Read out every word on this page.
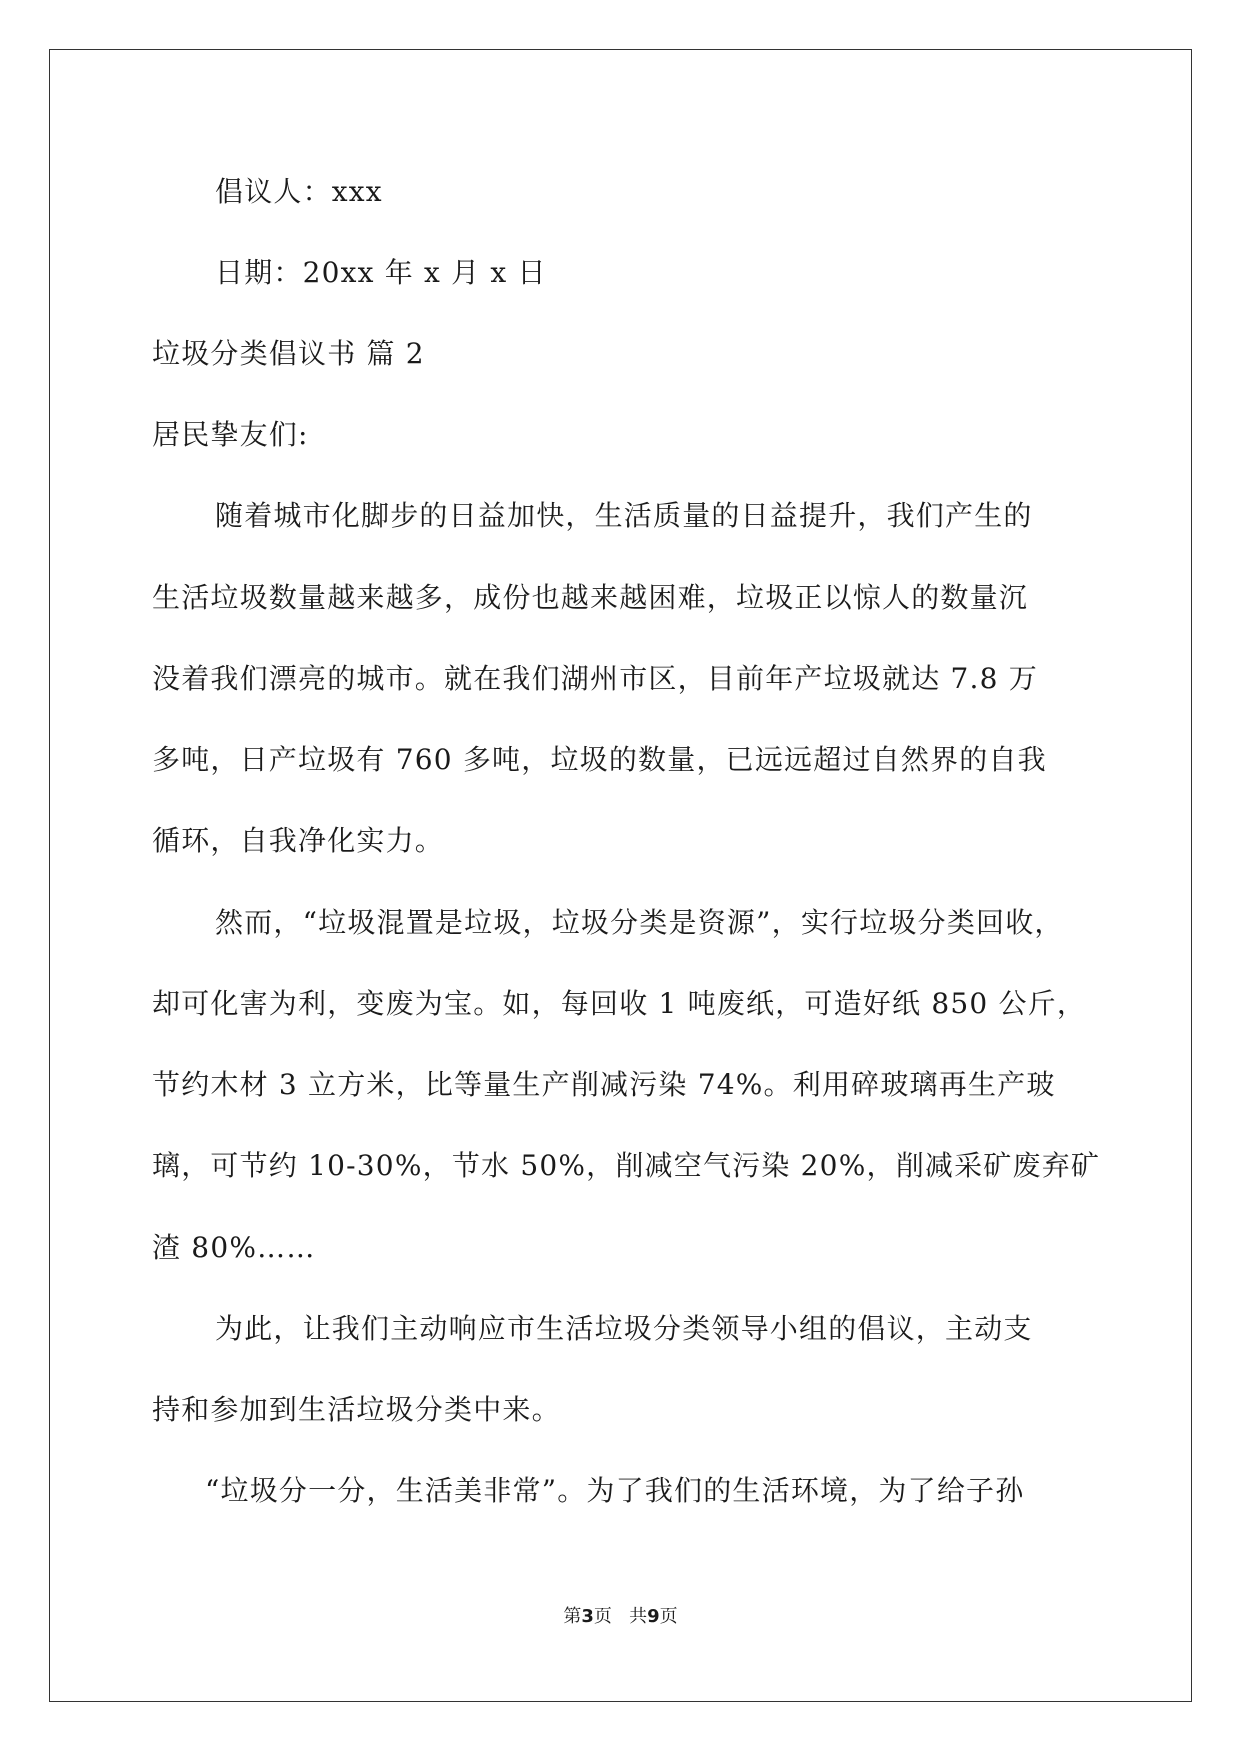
倡议人：xxx
日期：20xx 年 x 月 x 日
垃圾分类倡议书 篇 2
居民挚友们:
随着城市化脚步的日益加快，生活质量的日益提升，我们产生的
生活垃圾数量越来越多，成份也越来越困难，垃圾正以惊人的数量沉
没着我们漂亮的城市。就在我们湖州市区，目前年产垃圾就达 7.8 万
多吨，日产垃圾有 760 多吨，垃圾的数量，已远远超过自然界的自我
循环，自我净化实力。
然而，“垃圾混置是垃圾，垃圾分类是资源”，实行垃圾分类回收，
却可化害为利，变废为宝。如，每回收 1 吨废纸，可造好纸 850 公斤，
节约木材 3 立方米，比等量生产削减污染 74%。利用碎玻璃再生产玻
璃，可节约 10-30%，节水 50%，削减空气污染 20%，削减采矿废弃矿
渣 80%……
为此，让我们主动响应市生活垃圾分类领导小组的倡议，主动支
持和参加到生活垃圾分类中来。
“垃圾分一分，生活美非常”。为了我们的生活环境，为了给子孙
第3页   共9页
